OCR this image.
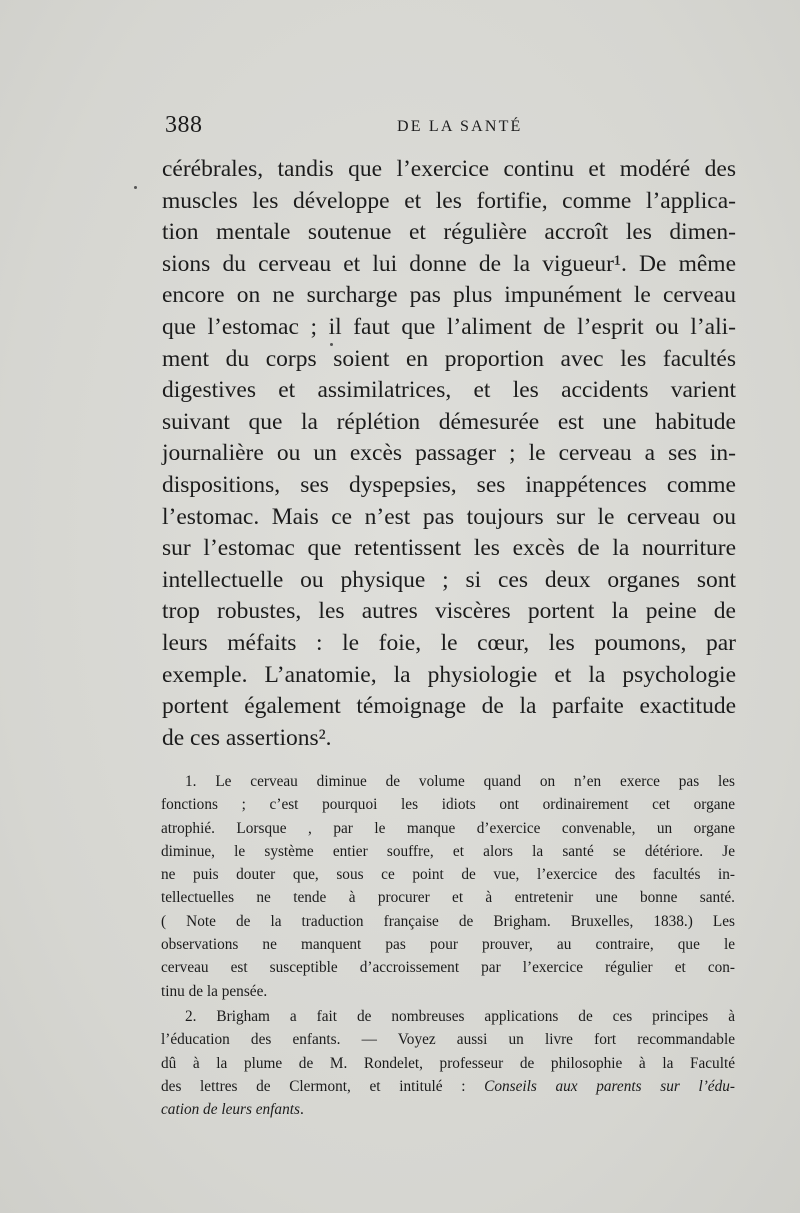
388	DE LA SANTÉ
cérébrales, tandis que l’exercice continu et modéré des
muscles les développe et les fortifie, comme l’applica-
tion mentale soutenue et régulière accroît les dimen-
sions du cerveau et lui donne de la vigueur¹. De même
encore on ne surcharge pas plus impunément le cerveau
que l’estomac ; il faut que l’aliment de l’esprit ou l’ali-
ment du corps soient en proportion avec les facultés
digestives et assimilatrices, et les accidents varient
suivant que la réplétion démesurée est une habitude
journalière ou un excès passager ; le cerveau a ses in-
dispositions, ses dyspepsies, ses inappétences comme
l’estomac. Mais ce n’est pas toujours sur le cerveau ou
sur l’estomac que retentissent les excès de la nourriture
intellectuelle ou physique ; si ces deux organes sont
trop robustes, les autres viscères portent la peine de
leurs méfaits : le foie, le cœur, les poumons, par
exemple. L’anatomie, la physiologie et la psychologie
portent également témoignage de la parfaite exactitude
de ces assertions².
1. Le cerveau diminue de volume quand on n’en exerce pas les
fonctions ; c’est pourquoi les idiots ont ordinairement cet organe
atrophié. Lorsque , par le manque d’exercice convenable, un organe
diminue, le système entier souffre, et alors la santé se détériore. Je
ne puis douter que, sous ce point de vue, l’exercice des facultés in-
tellectuelles ne tende à procurer et à entretenir une bonne santé.
( Note de la traduction française de Brigham. Bruxelles, 1838.) Les
observations ne manquent pas pour prouver, au contraire, que le
cerveau est susceptible d’accroissement par l’exercice régulier et con-
tinu de la pensée.
2. Brigham a fait de nombreuses applications de ces principes à
l’éducation des enfants. — Voyez aussi un livre fort recommandable
dû à la plume de M. Rondelet, professeur de philosophie à la Faculté
des lettres de Clermont, et intitulé : Conseils aux parents sur l’édu-
cation de leurs enfants.
